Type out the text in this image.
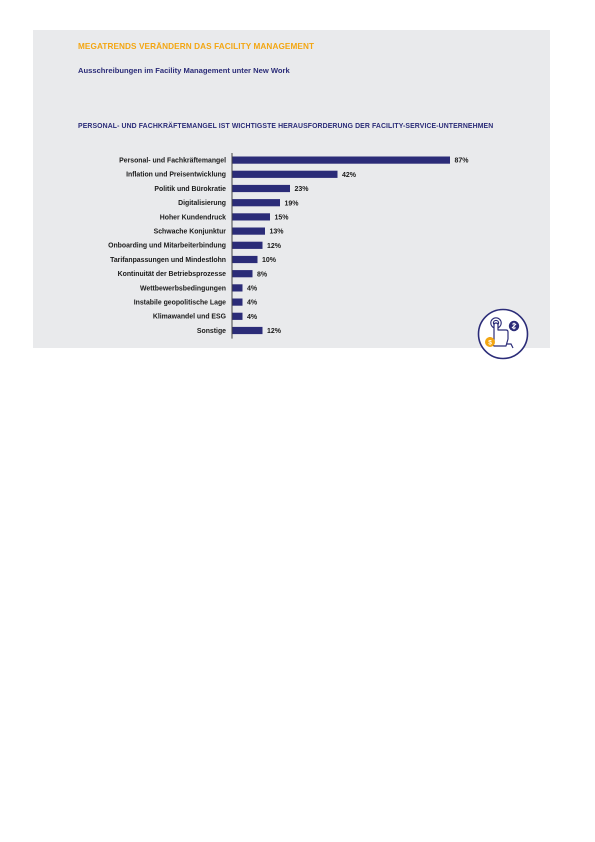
MEGATRENDS VERÄNDERN DAS FACILITY MANAGEMENT

Ausschreibungen im Facility Management unter New Work

PERSONAL- UND FACHKRÄFTEMANGEL IST WICHTIGSTE HERAUSFORDERUNG DER FACILITY-SERVICE-UNTERNEHMEN

$
Personal- und Fachkräftemangel	87%
Inflation und Preisentwicklung	42%
Politik und Bürokratie	23%
Digitalisierung	19%
Hoher Kundendruck	15%
Schwache Konjunktur	13%
Onboarding und Mitarbeiterbindung	12%
Tarifanpassungen und Mindestlohn	10%
Kontinuität der Betriebsprozesse	8%
Wettbewerbsbedingungen	4%
Instabile geopolitische Lage	4%
Klimawandel und ESG	4%
Sonstige	12%
